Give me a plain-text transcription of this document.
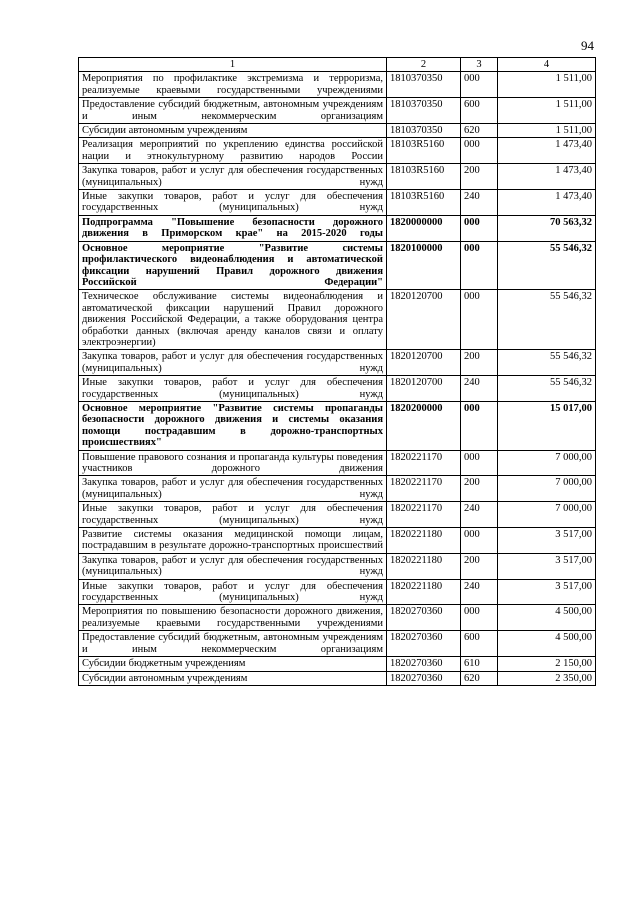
94
1	2	3	4
Мероприятия по профилактике экстремизма и терроризма, реализуемые краевыми государственными учреждениями	1810370350	000	1 511,00
Предоставление субсидий бюджетным, автономным учреждениям и иным некоммерческим организациям	1810370350	600	1 511,00
Субсидии автономным учреждениям	1810370350	620	1 511,00
Реализация мероприятий по укреплению единства российской нации и этнокультурному развитию народов России	18103R5160	000	1 473,40
Закупка товаров, работ и услуг для обеспечения государственных (муниципальных) нужд	18103R5160	200	1 473,40
Иные закупки товаров, работ и услуг для обеспечения государственных (муниципальных) нужд	18103R5160	240	1 473,40
Подпрограмма "Повышение безопасности дорожного движения в Приморском крае" на 2015-2020 годы	1820000000	000	70 563,32
Основное мероприятие "Развитие системы профилактического видеонаблюдения и автоматической фиксации нарушений Правил дорожного движения Российской Федерации"	1820100000	000	55 546,32
Техническое обслуживание системы видеонаблюдения и автоматической фиксации нарушений Правил дорожного движения Российской Федерации, а также оборудования центра обработки данных (включая аренду каналов связи и оплату электроэнергии)	1820120700	000	55 546,32
Закупка товаров, работ и услуг для обеспечения государственных (муниципальных) нужд	1820120700	200	55 546,32
Иные закупки товаров, работ и услуг для обеспечения государственных (муниципальных) нужд	1820120700	240	55 546,32
Основное мероприятие "Развитие системы пропаганды безопасности дорожного движения и системы оказания помощи пострадавшим в дорожно-транспортных происшествиях"	1820200000	000	15 017,00
Повышение правового сознания и пропаганда культуры поведения участников дорожного движения	1820221170	000	7 000,00
Закупка товаров, работ и услуг для обеспечения государственных (муниципальных) нужд	1820221170	200	7 000,00
Иные закупки товаров, работ и услуг для обеспечения государственных (муниципальных) нужд	1820221170	240	7 000,00
Развитие системы оказания медицинской помощи лицам, пострадавшим в результате дорожно-транспортных происшествий	1820221180	000	3 517,00
Закупка товаров, работ и услуг для обеспечения государственных (муниципальных) нужд	1820221180	200	3 517,00
Иные закупки товаров, работ и услуг для обеспечения государственных (муниципальных) нужд	1820221180	240	3 517,00
Мероприятия по повышению безопасности дорожного движения, реализуемые краевыми государственными учреждениями	1820270360	000	4 500,00
Предоставление субсидий бюджетным, автономным учреждениям и иным некоммерческим организациям	1820270360	600	4 500,00
Субсидии бюджетным учреждениям	1820270360	610	2 150,00
Субсидии автономным учреждениям	1820270360	620	2 350,00
